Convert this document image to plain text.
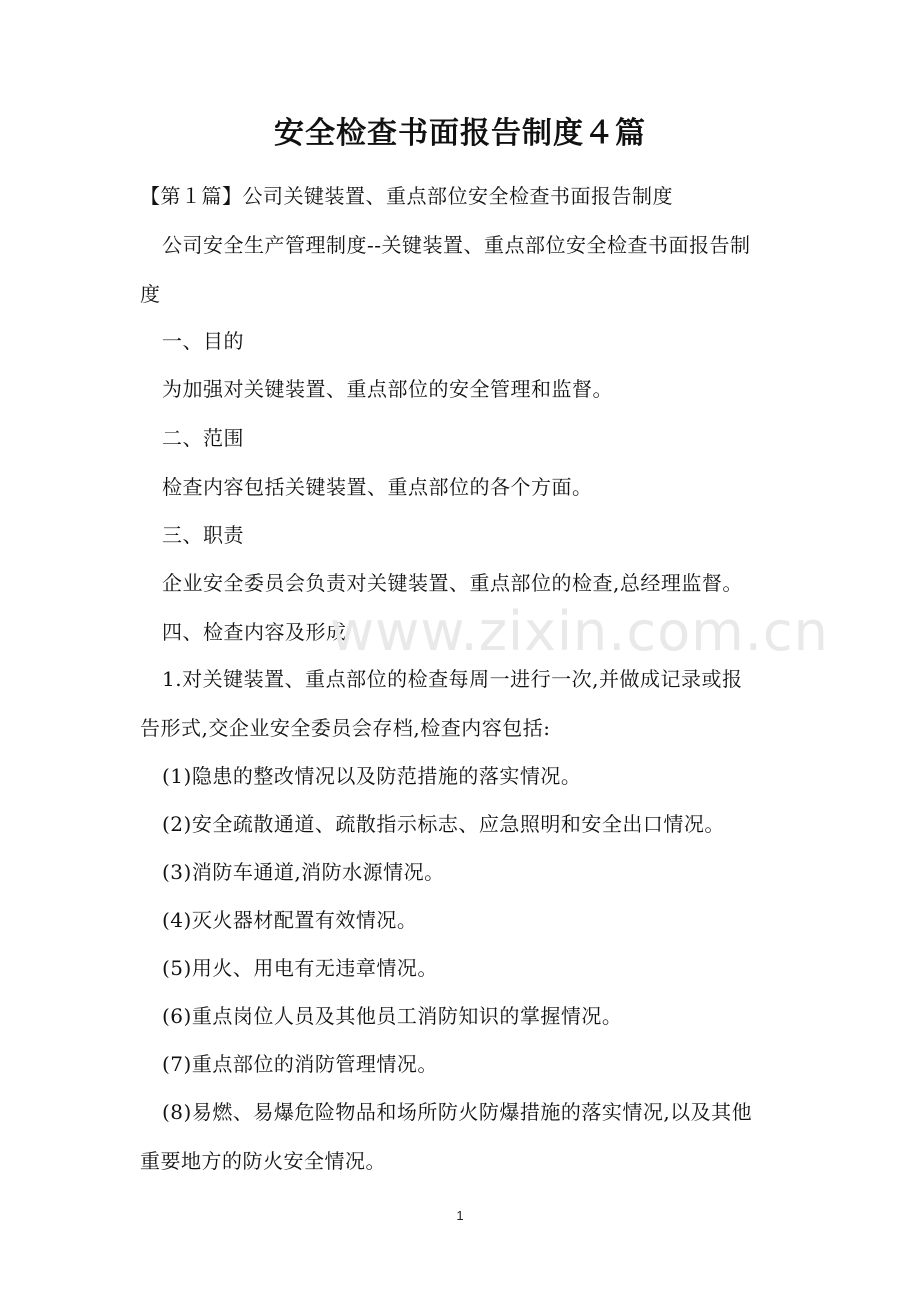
安全检查书面报告制度４篇
【第１篇】公司关键装置、重点部位安全检查书面报告制度
公司安全生产管理制度--关键装置、重点部位安全检查书面报告制
度
一、目的
为加强对关键装置、重点部位的安全管理和监督。
二、范围
检查内容包括关键装置、重点部位的各个方面。
三、职责
企业安全委员会负责对关键装置、重点部位的检查,总经理监督。
四、检查内容及形成
1.对关键装置、重点部位的检查每周一进行一次,并做成记录或报
告形式,交企业安全委员会存档,检查内容包括:
(1)隐患的整改情况以及防范措施的落实情况。
(2)安全疏散通道、疏散指示标志、应急照明和安全出口情况。
(3)消防车通道,消防水源情况。
(4)灭火器材配置有效情况。
(5)用火、用电有无违章情况。
(6)重点岗位人员及其他员工消防知识的掌握情况。
(7)重点部位的消防管理情况。
(8)易燃、易爆危险物品和场所防火防爆措施的落实情况,以及其他
重要地方的防火安全情况。
www.zixin.com.cn
1
